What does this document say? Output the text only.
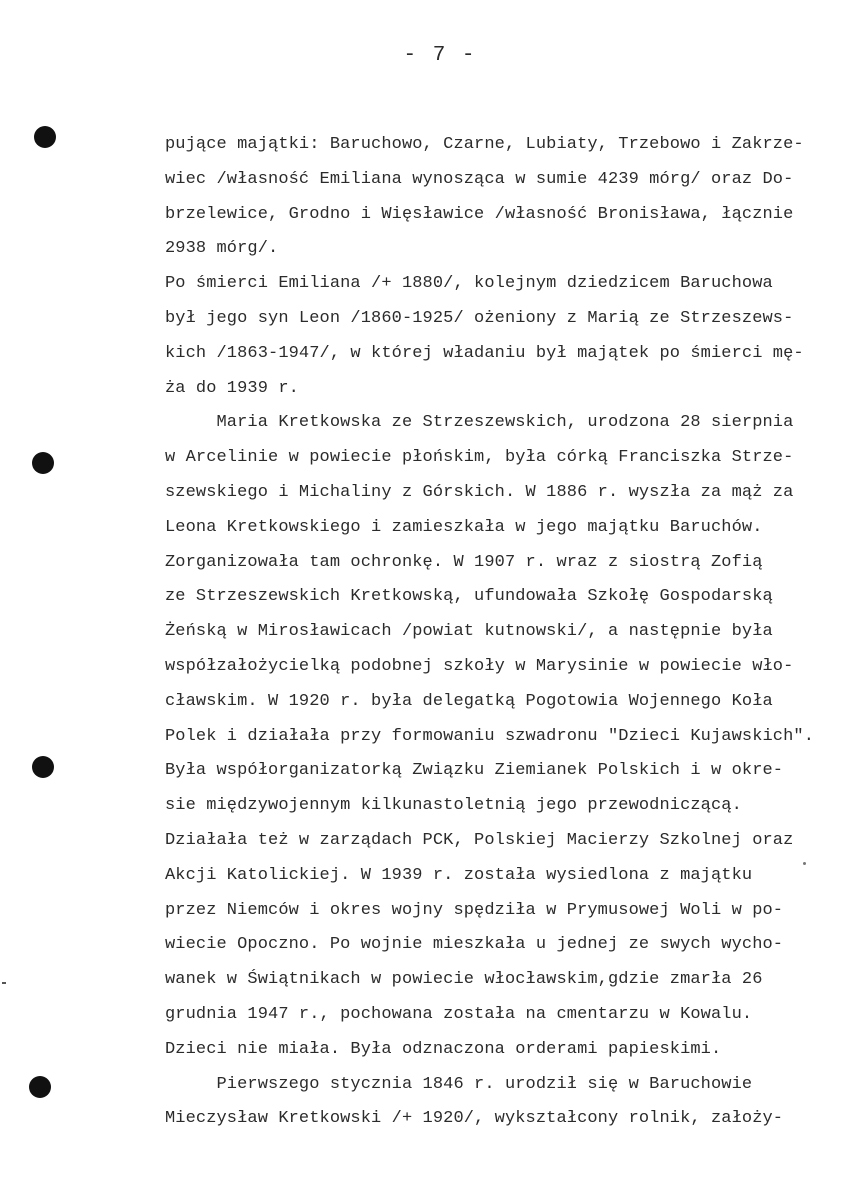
- 7 -
pujące majątki: Baruchowo, Czarne, Lubiaty, Trzebowo i Zakrze-
wiec /własność Emiliana wynosząca w sumie 4239 mórg/ oraz Do-
brzelewice, Grodno i Więsławice /własność Bronisława, łącznie
2938 mórg/.
Po śmierci Emiliana /+ 1880/, kolejnym dziedzicem Baruchowa
był jego syn Leon /1860-1925/ ożeniony z Marią ze Strzeszews-
kich /1863-1947/, w której władaniu był majątek po śmierci mę-
ża do 1939 r.
Maria Kretkowska ze Strzeszewskich, urodzona 28 sierpnia
w Arcelinie w powiecie płońskim, była córką Franciszka Strze-
szewskiego i Michaliny z Górskich. W 1886 r. wyszła za mąż za
Leona Kretkowskiego i zamieszkała w jego majątku Baruchów.
Zorganizowała tam ochronkę. W 1907 r. wraz z siostrą Zofią
ze Strzeszewskich Kretkowską, ufundowała Szkołę Gospodarską
Żeńską w Mirosławicach /powiat kutnowski/, a następnie była
współzałożycielką podobnej szkoły w Marysinie w powiecie wło-
cławskim. W 1920 r. była delegatką Pogotowia Wojennego Koła
Polek i działała przy formowaniu szwadronu "Dzieci Kujawskich".
Była współorganizatorką Związku Ziemianek Polskich i w okre-
sie międzywojennym kilkunastoletnią jego przewodniczącą.
Działała też w zarządach PCK, Polskiej Macierzy Szkolnej oraz
Akcji Katolickiej. W 1939 r. została wysiedlona z majątku
przez Niemców i okres wojny spędziła w Prymusowej Woli w po-
wiecie Opoczno. Po wojnie mieszkała u jednej ze swych wycho-
wanek w Świątnikach w powiecie włocławskim,gdzie zmarła 26
grudnia 1947 r., pochowana została na cmentarzu w Kowalu.
Dzieci nie miała. Była odznaczona orderami papieskimi.
Pierwszego stycznia 1846 r. urodził się w Baruchowie
Mieczysław Kretkowski /+ 1920/, wykształcony rolnik, założy-
